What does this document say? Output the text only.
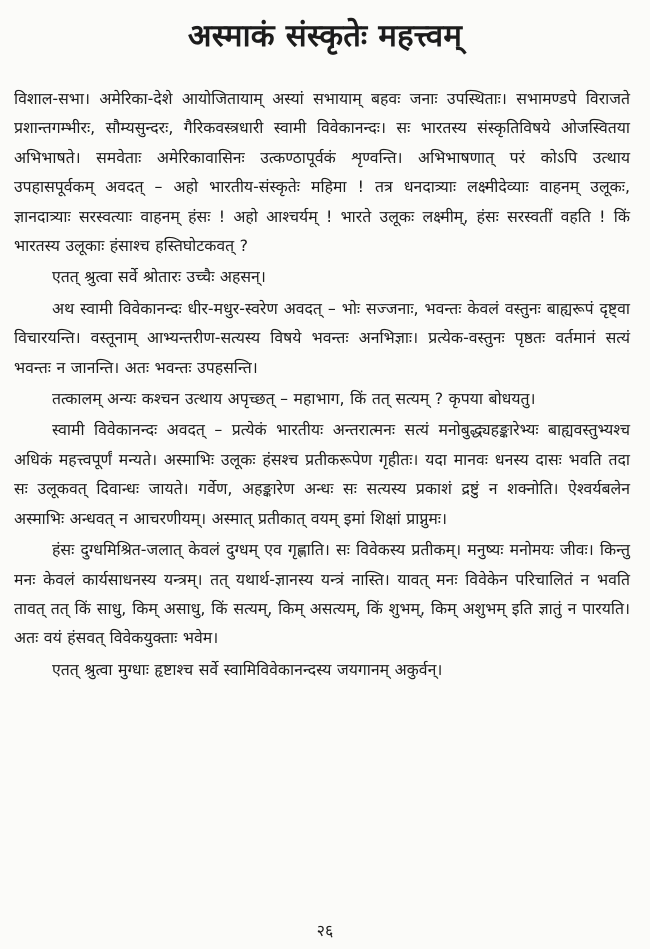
अस्माकं संस्कृतेः महत्त्वम्

विशाल-सभा। अमेरिका-देशे आयोजितायाम् अस्यां सभायाम् बहवः जनाः उपस्थिताः। सभामण्डपे विराजते प्रशान्तगम्भीरः, सौम्यसुन्दरः, गैरिकवस्त्रधारी स्वामी विवेकानन्दः। सः भारतस्य संस्कृतिविषये ओजस्वितया अभिभाषते। समवेताः अमेरिकावासिनः उत्कण्ठापूर्वकं शृण्वन्ति। अभिभाषणात् परं कोऽपि उत्थाय उपहासपूर्वकम् अवदत् – अहो भारतीय-संस्कृतेः महिमा ! तत्र धनदात्र्याः लक्ष्मीदेव्याः वाहनम् उलूकः, ज्ञानदात्र्याः सरस्वत्याः वाहनम् हंसः ! अहो आश्चर्यम् ! भारते उलूकः लक्ष्मीम्, हंसः सरस्वतीं वहति ! किं भारतस्य उलूकाः हंसाश्च हस्तिघोटकवत् ?

एतत् श्रुत्वा सर्वे श्रोतारः उच्चैः अहसन्।

अथ स्वामी विवेकानन्दः धीर-मधुर-स्वरेण अवदत् – भोः सज्जनाः, भवन्तः केवलं वस्तुनः बाह्यरूपं दृष्ट्वा विचारयन्ति। वस्तूनाम् आभ्यन्तरीण-सत्यस्य विषये भवन्तः अनभिज्ञाः। प्रत्येक-वस्तुनः पृष्ठतः वर्तमानं सत्यं भवन्तः न जानन्ति। अतः भवन्तः उपहसन्ति।

तत्कालम् अन्यः कश्चन उत्थाय अपृच्छत् – महाभाग, किं तत् सत्यम् ? कृपया बोधयतु।

स्वामी विवेकानन्दः अवदत् – प्रत्येकं भारतीयः अन्तरात्मनः सत्यं मनोबुद्ध्यहङ्कारेभ्यः बाह्यवस्तुभ्यश्च अधिकं महत्त्वपूर्णं मन्यते। अस्माभिः उलूकः हंसश्च प्रतीकरूपेण गृहीतः। यदा मानवः धनस्य दासः भवति तदा सः उलूकवत् दिवान्धः जायते। गर्वेण, अहङ्कारेण अन्धः सः सत्यस्य प्रकाशं द्रष्टुं न शक्नोति। ऐश्वर्यबलेन अस्माभिः अन्धवत् न आचरणीयम्। अस्मात् प्रतीकात् वयम् इमां शिक्षां प्राप्नुमः।

हंसः दुग्धमिश्रित-जलात् केवलं दुग्धम् एव गृह्णाति। सः विवेकस्य प्रतीकम्। मनुष्यः मनोमयः जीवः। किन्तु मनः केवलं कार्यसाधनस्य यन्त्रम्। तत् यथार्थ-ज्ञानस्य यन्त्रं नास्ति। यावत् मनः विवेकेन परिचालितं न भवति तावत् तत् किं साधु, किम् असाधु, किं सत्यम्, किम् असत्यम्, किं शुभम्, किम् अशुभम् इति ज्ञातुं न पारयति। अतः वयं हंसवत् विवेकयुक्ताः भवेम।

एतत् श्रुत्वा मुग्धाः हृष्टाश्च सर्वे स्वामिविवेकानन्दस्य जयगानम् अकुर्वन्।

२६
